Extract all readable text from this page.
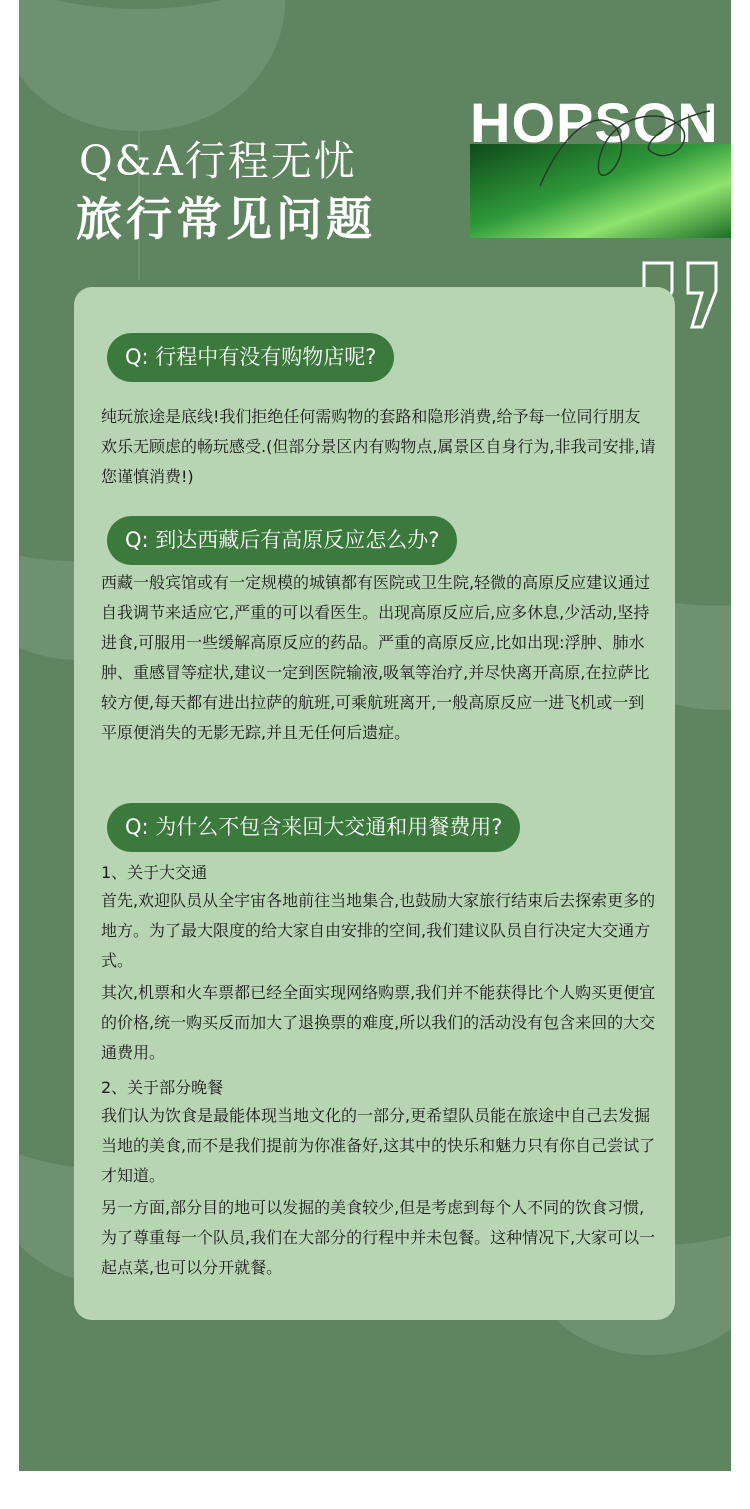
Q&A行程无忧
旅行常见问题
HOPSON
Q: 行程中有没有购物店呢?

纯玩旅途是底线!我们拒绝任何需购物的套路和隐形消费,给予每一位同行朋友欢乐无顾虑的畅玩感受.(但部分景区内有购物点,属景区自身行为,非我司安排,请您谨慎消费!)

Q: 到达西藏后有高原反应怎么办?

西藏一般宾馆或有一定规模的城镇都有医院或卫生院,轻微的高原反应建议通过自我调节来适应它,严重的可以看医生。出现高原反应后,应多休息,少活动,坚持进食,可服用一些缓解高原反应的药品。严重的高原反应,比如出现:浮肿、肺水肿、重感冒等症状,建议一定到医院输液,吸氧等治疗,并尽快离开高原,在拉萨比较方便,每天都有进出拉萨的航班,可乘航班离开,一般高原反应一进飞机或一到平原便消失的无影无踪,并且无任何后遗症。

Q: 为什么不包含来回大交通和用餐费用?
1、关于大交通

首先,欢迎队员从全宇宙各地前往当地集合,也鼓励大家旅行结束后去探索更多的地方。为了最大限度的给大家自由安排的空间,我们建议队员自行决定大交通方式。

其次,机票和火车票都已经全面实现网络购票,我们并不能获得比个人购买更便宜的价格,统一购买反而加大了退换票的难度,所以我们的活动没有包含来回的大交通费用。

2、关于部分晚餐

我们认为饮食是最能体现当地文化的一部分,更希望队员能在旅途中自己去发掘当地的美食,而不是我们提前为你准备好,这其中的快乐和魅力只有你自己尝试了才知道。

另一方面,部分目的地可以发掘的美食较少,但是考虑到每个人不同的饮食习惯,为了尊重每一个队员,我们在大部分的行程中并未包餐。这种情况下,大家可以一起点菜,也可以分开就餐。
